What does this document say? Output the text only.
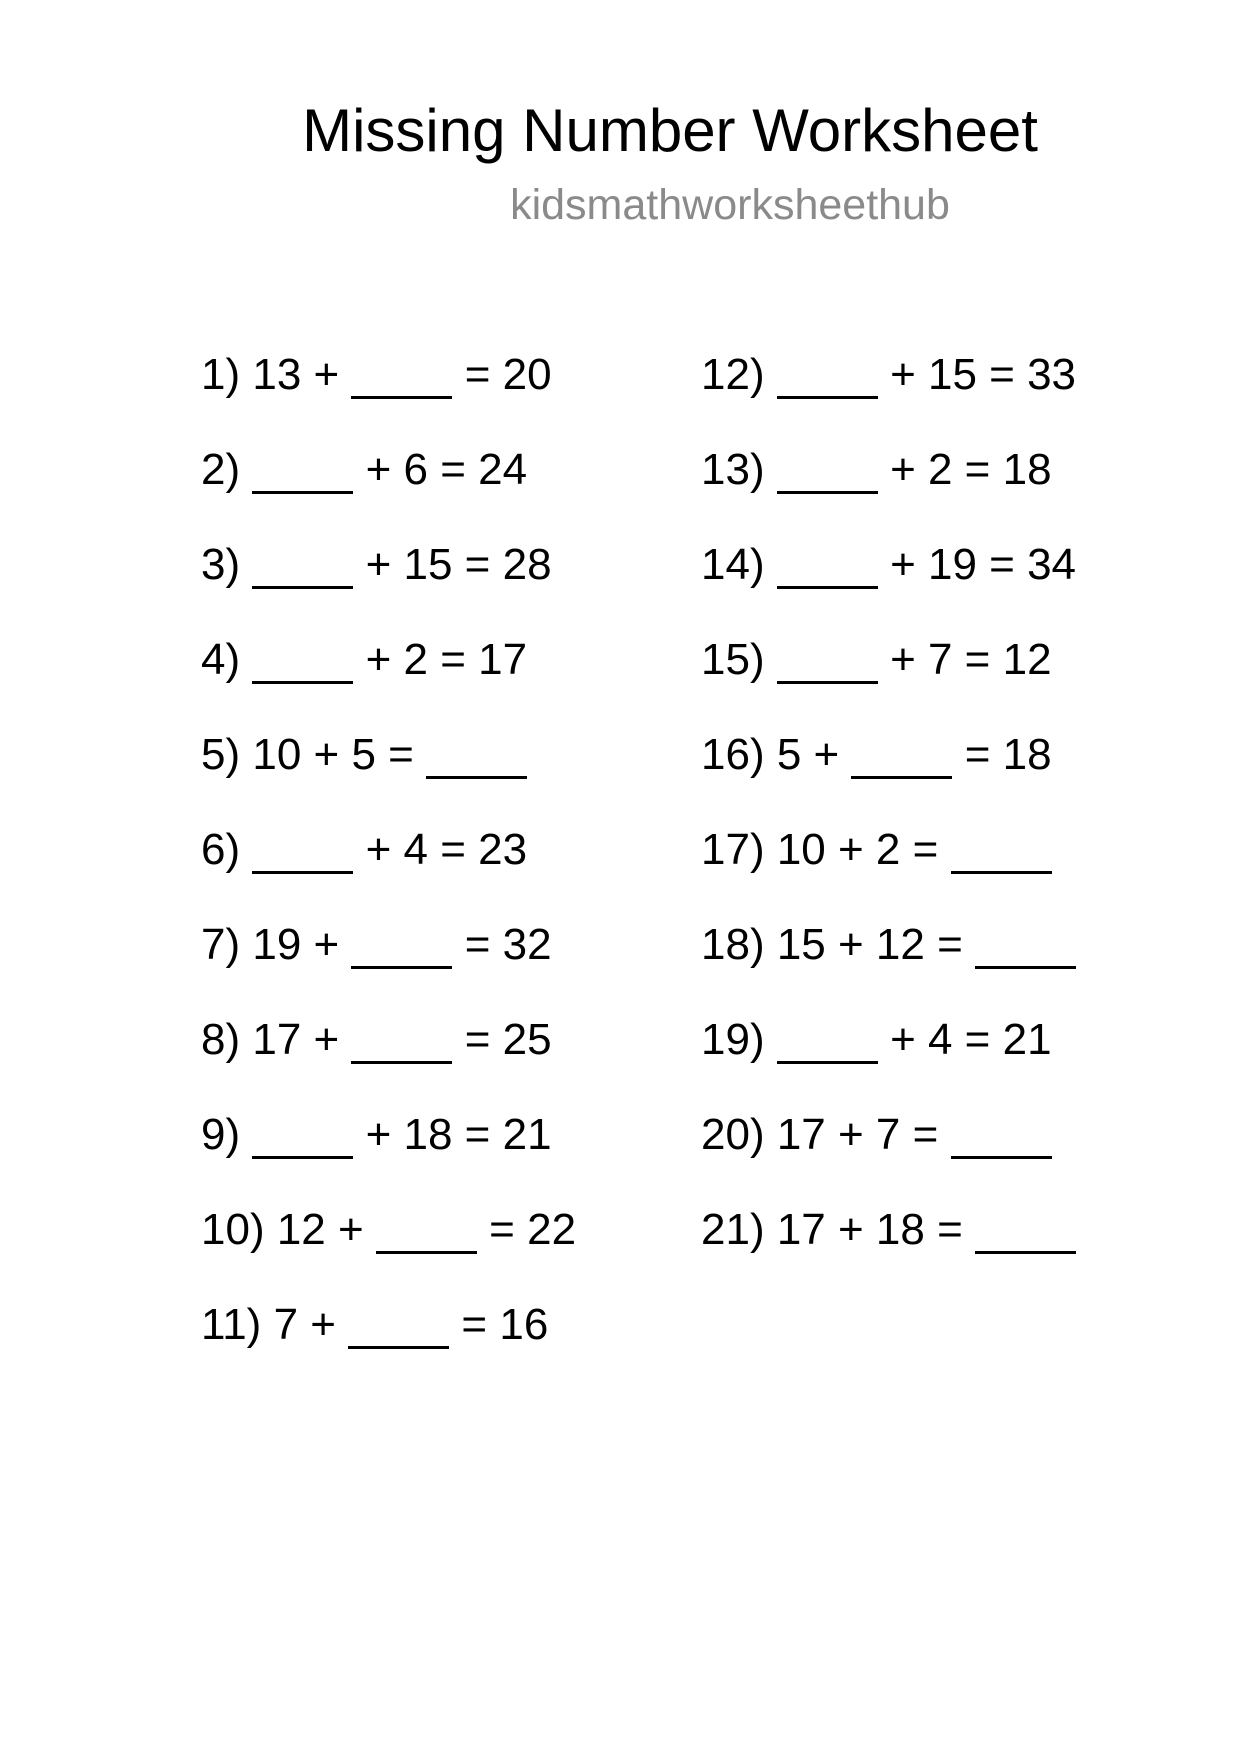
Missing Number Worksheet
kidsmathworksheethub
1) 13 +	= 20
2)	+ 6 = 24
3)	+ 15 = 28
4)	+ 2 = 17
5) 10 + 5 =
6)	+ 4 = 23
7) 19 +	= 32
8) 17 +	= 25
9)	+ 18 = 21
10) 12 +	= 22
11) 7 +	= 16
12)	+ 15 = 33
13)	+ 2 = 18
14)	+ 19 = 34
15)	+ 7 = 12
16) 5 +	= 18
17) 10 + 2 =
18) 15 + 12 =
19)	+ 4 = 21
20) 17 + 7 =
21) 17 + 18 =
